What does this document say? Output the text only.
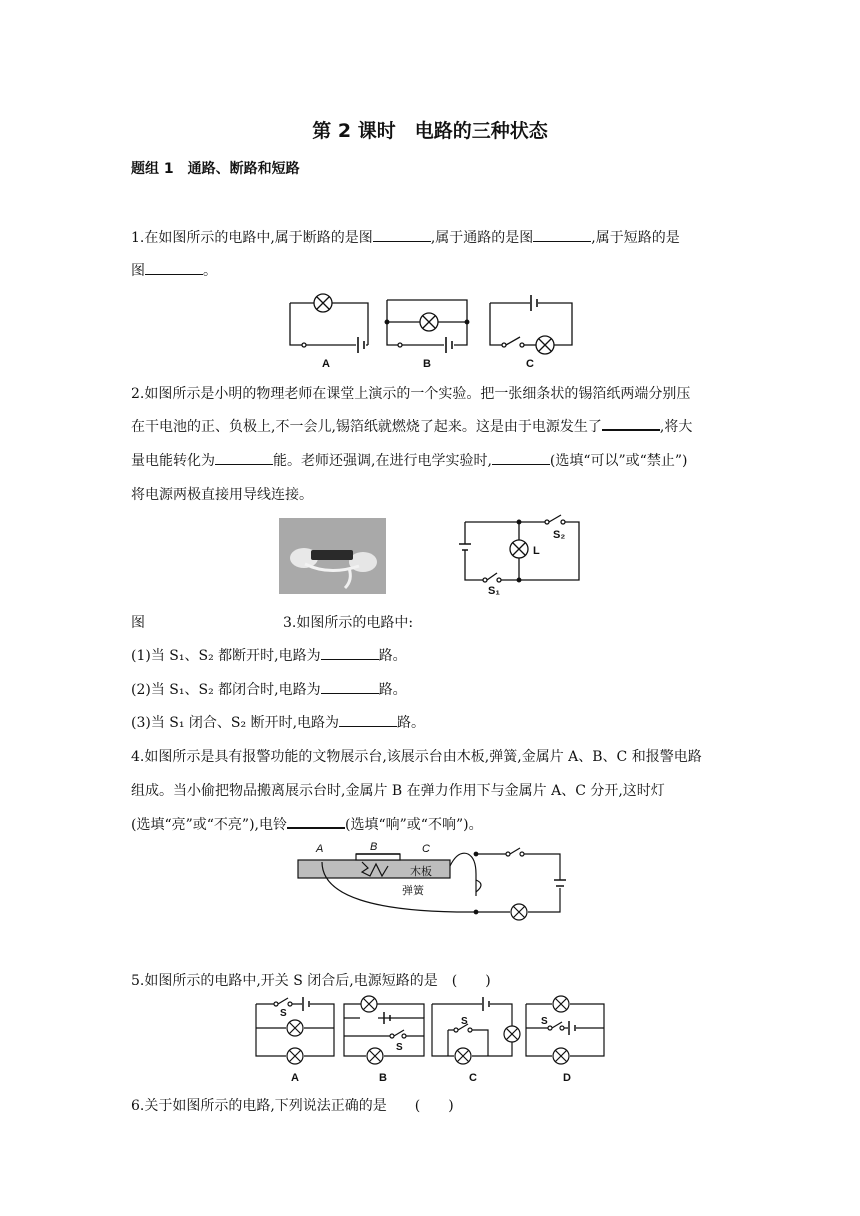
第 2 课时　电路的三种状态
题组 1　通路、断路和短路
1.在如图所示的电路中,属于断路的是图	,属于通路的是图	,属于短路的是
图	。
A	B	C
2.如图所示是小明的物理老师在课堂上演示的一个实验。把一张细条状的锡箔纸两端分别压
在干电池的正、负极上,不一会儿,锡箔纸就燃烧了起来。这是由于电源发生了	,将大
量电能转化为	能。老师还强调,在进行电学实验时,	(选填“可以”或“禁止”)
将电源两极直接用导线连接。
S₂
L
S₁
图	3.如图所示的电路中:
(1)当 S₁、S₂ 都断开时,电路为	路。
(2)当 S₁、S₂ 都闭合时,电路为	路。
(3)当 S₁ 闭合、S₂ 断开时,电路为	路。
4.如图所示是具有报警功能的文物展示台,该展示台由木板,弹簧,金属片 A、B、C 和报警电路
组成。当小偷把物品搬离展示台时,金属片 B 在弹力作用下与金属片 A、C 分开,这时灯
(选填“亮”或“不亮”),电铃	(选填“响”或“不响”)。
A	B	C
木板
弹簧
5.如图所示的电路中,开关 S 闭合后,电源短路的是　(　　)
S
S
S	S
A	B	C	D
6.关于如图所示的电路,下列说法正确的是　　(　　)
